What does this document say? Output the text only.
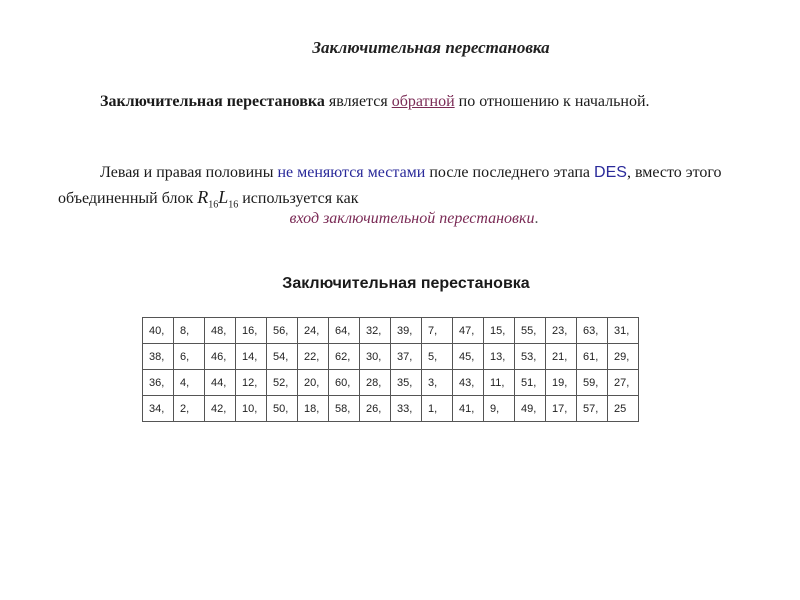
Заключительная перестановка
Заключительная перестановка является обратной по отношению к начальной.
Левая и правая половины не меняются местами после последнего этапа DES, вместо этого объединенный блок $R_{16}L_{16}$ используется как
вход заключительной перестановки.
Заключительная перестановка
40,	8,	48,	16,	56,	24,	64,	32,	39,	7,	47,	15,	55,	23,	63,	31,
38,	6,	46,	14,	54,	22,	62,	30,	37,	5,	45,	13,	53,	21,	61,	29,
36,	4,	44,	12,	52,	20,	60,	28,	35,	3,	43,	11,	51,	19,	59,	27,
34,	2,	42,	10,	50,	18,	58,	26,	33,	1,	41,	9,	49,	17,	57,	25
